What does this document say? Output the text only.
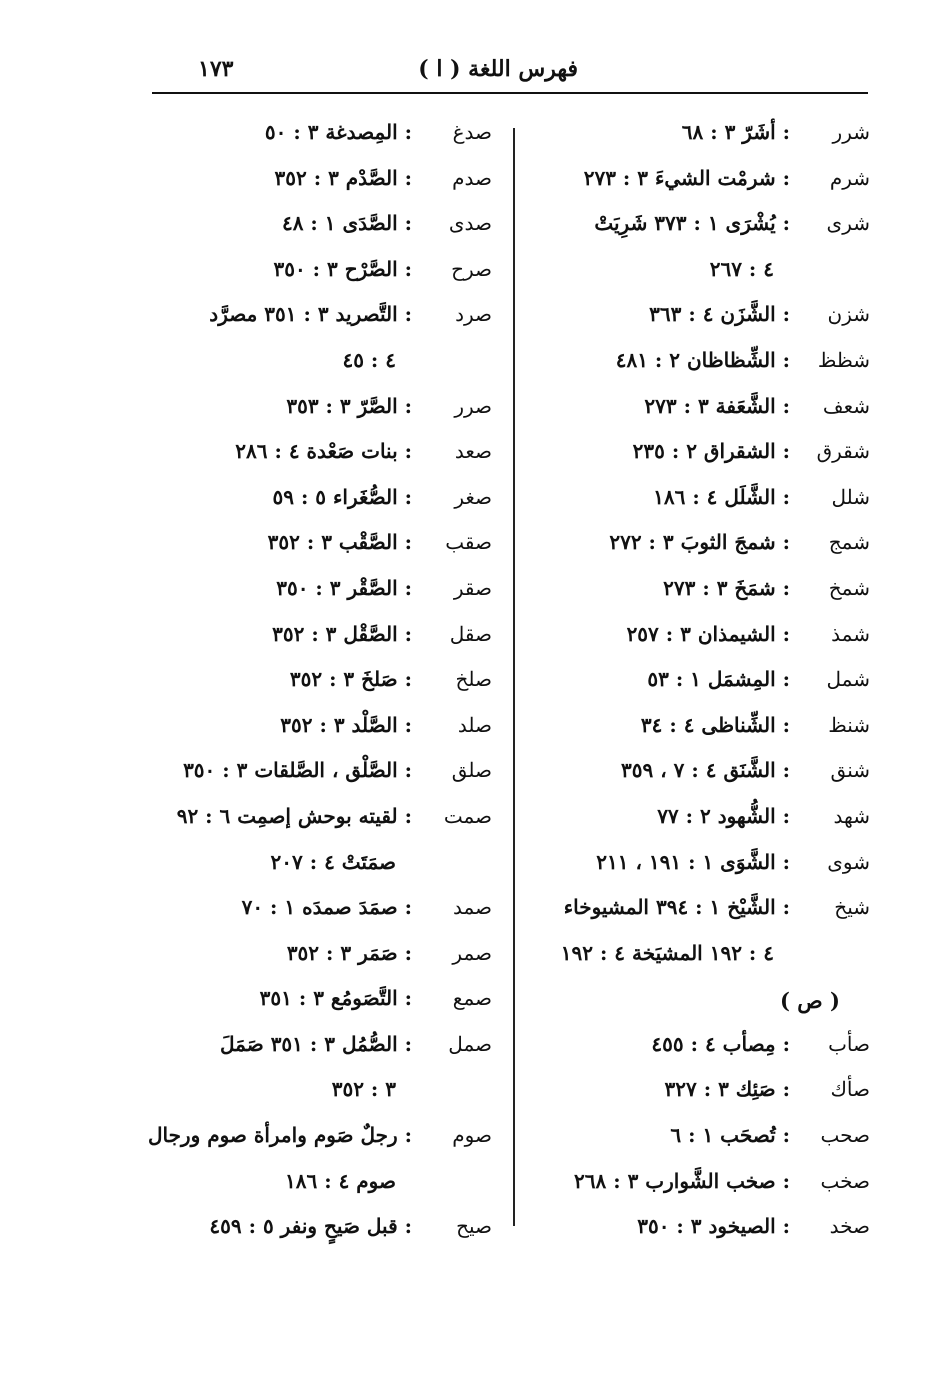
فهرس اللغة ( ا )
١٧٣
شرر
: أشَرّ ٣ : ٦٨
شرم
: شرمْت الشيءَ ٣ : ٢٧٣
شرى
: يُشْرَى ١ : ٣٧٣ شَرِيَتْ
٤ : ٢٦٧
شزن
: الشَّزَن ٤ : ٣٦٣
شظظ
: الشِّظاظان ٢ : ٤٨١
شعف
: الشَّعَفة ٣ : ٢٧٣
شقرق
: الشقراق ٢ : ٢٣٥
شلل
: الشَّلَل ٤ : ١٨٦
شمج
: شمجَ الثوبَ ٣ : ٢٧٢
شمخ
: شمَخَ ٣ : ٢٧٣
شمذ
: الشيمذان ٣ : ٢٥٧
شمل
: المِشمَل ١ : ٥٣
شنظ
: الشِّناظى ٤ : ٣٤
شنق
: الشَّنَق ٤ : ٧ ، ٣٥٩
شهد
: الشُّهود ٢ : ٧٧
شوى
: الشَّوَى ١ : ١٩١ ، ٢١١
شيخ
: الشَّيْخ ١ : ٣٩٤ المشيوخاء
٤ : ١٩٢ المشيَخة ٤ : ١٩٢
( ص )
صأب
: مِصأب ٤ : ٤٥٥
صأك
: صَئِك ٣ : ٣٢٧
صحب
: تُصحَب ١ : ٦
صخب
: صخب الشَّوارب ٣ : ٢٦٨
صخد
: الصيخود ٣ : ٣٥٠
صدغ
: المِصدغة ٣ : ٥٠
صدم
: الصَّدْم ٣ : ٣٥٢
صدى
: الصَّدَى ١ : ٤٨
صرح
: الصَّرْح ٣ : ٣٥٠
صرد
: التَّصريد ٣ : ٣٥١ مصرَّد
٤ : ٤٥
صرر
: الصَّرّ ٣ : ٣٥٣
صعد
: بنات صَعْدة ٤ : ٢٨٦
صغر
: الصُّغَراء ٥ : ٥٩
صقب
: الصَّقْب ٣ : ٣٥٢
صقر
: الصَّقْر ٣ : ٣٥٠
صقل
: الصَّقْل ٣ : ٣٥٢
صلخ
: صَلخَ ٣ : ٣٥٢
صلد
: الصَّلْد ٣ : ٣٥٢
صلق
: الصَّلْق ، الصَّلقات ٣ : ٣٥٠
صمت
: لقيته بوحش إصمِت ٦ : ٩٢
صمَتَتْ ٤ : ٢٠٧
صمد
: صمَدَ صمدَه ١ : ٧٠
صمر
: صَمَر ٣ : ٣٥٢
صمع
: التَّصَومُع ٣ : ٣٥١
صمل
: الصُّمُل ٣ : ٣٥١ صَمَلَ
٣ : ٣٥٢
صوم
: رجلٌ صَوم وامرأة صوم ورجال
صوم ٤ : ١٨٦
صيح
: قبل صَيحٍ ونفر ٥ : ٤٥٩
